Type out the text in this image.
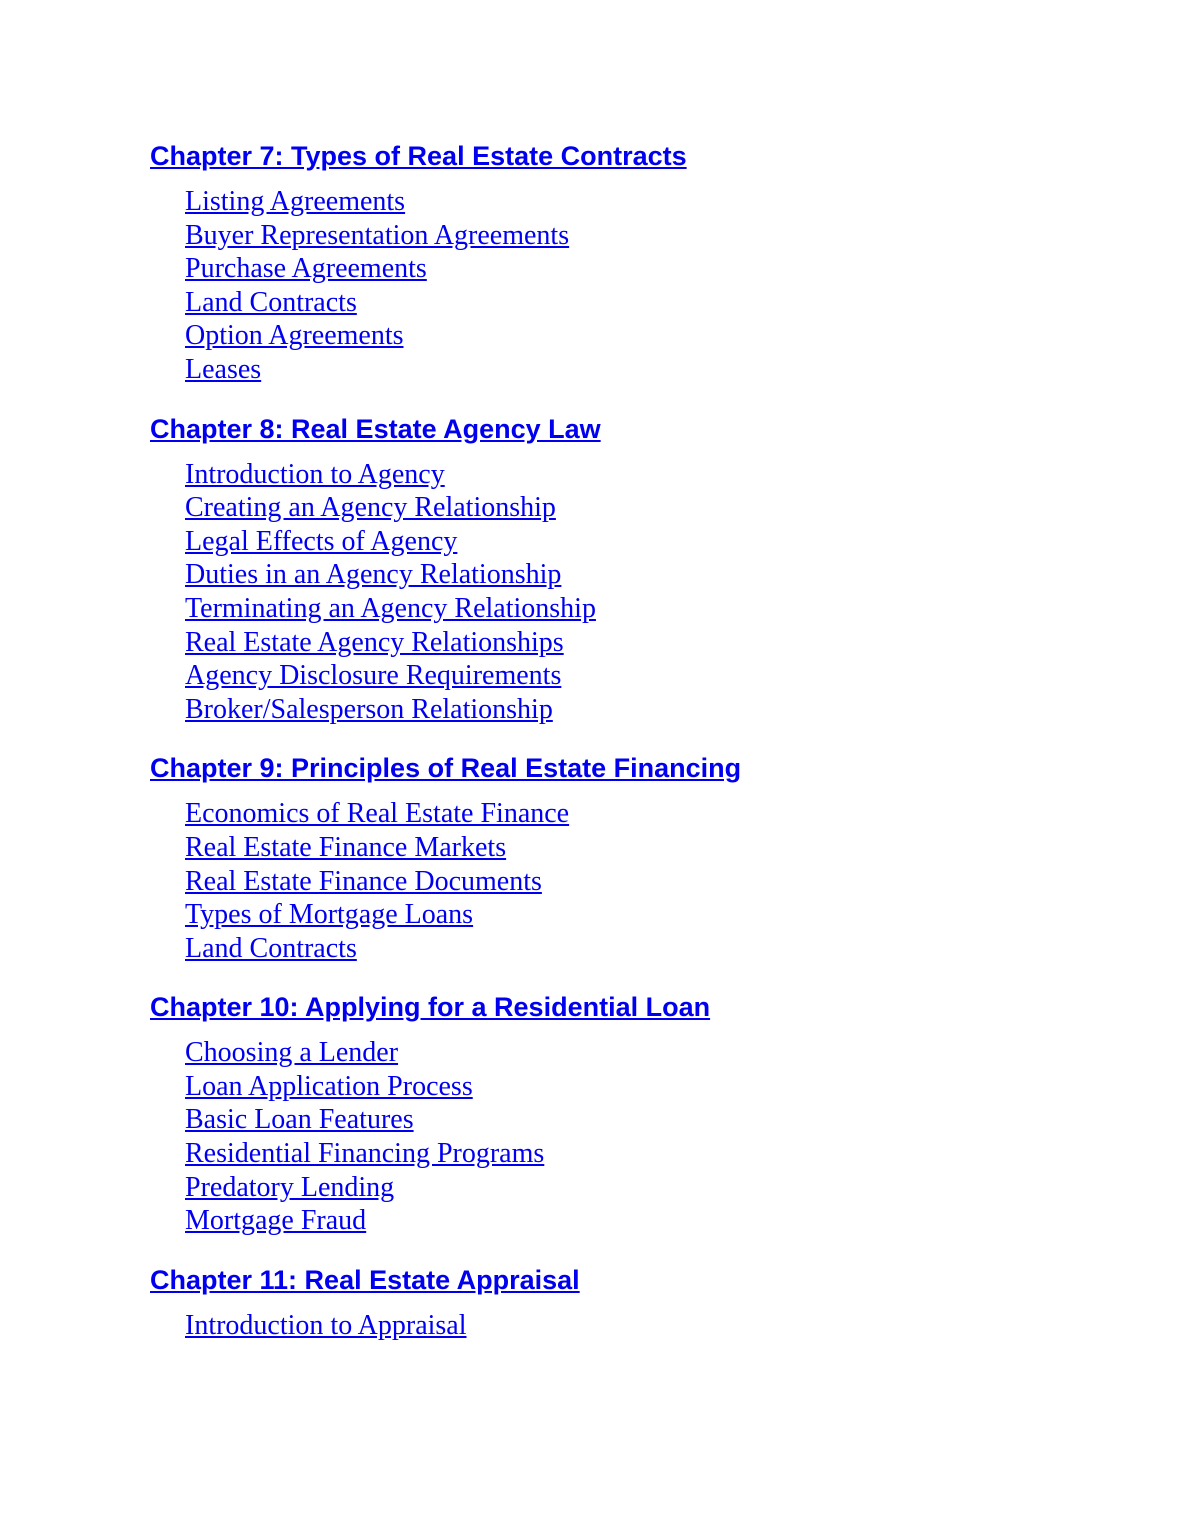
Chapter 7: Types of Real Estate Contracts
Listing Agreements
Buyer Representation Agreements
Purchase Agreements
Land Contracts
Option Agreements
Leases
Chapter 8: Real Estate Agency Law
Introduction to Agency
Creating an Agency Relationship
Legal Effects of Agency
Duties in an Agency Relationship
Terminating an Agency Relationship
Real Estate Agency Relationships
Agency Disclosure Requirements
Broker/Salesperson Relationship
Chapter 9: Principles of Real Estate Financing
Economics of Real Estate Finance
Real Estate Finance Markets
Real Estate Finance Documents
Types of Mortgage Loans
Land Contracts
Chapter 10: Applying for a Residential Loan
Choosing a Lender
Loan Application Process
Basic Loan Features
Residential Financing Programs
Predatory Lending
Mortgage Fraud
Chapter 11: Real Estate Appraisal
Introduction to Appraisal
